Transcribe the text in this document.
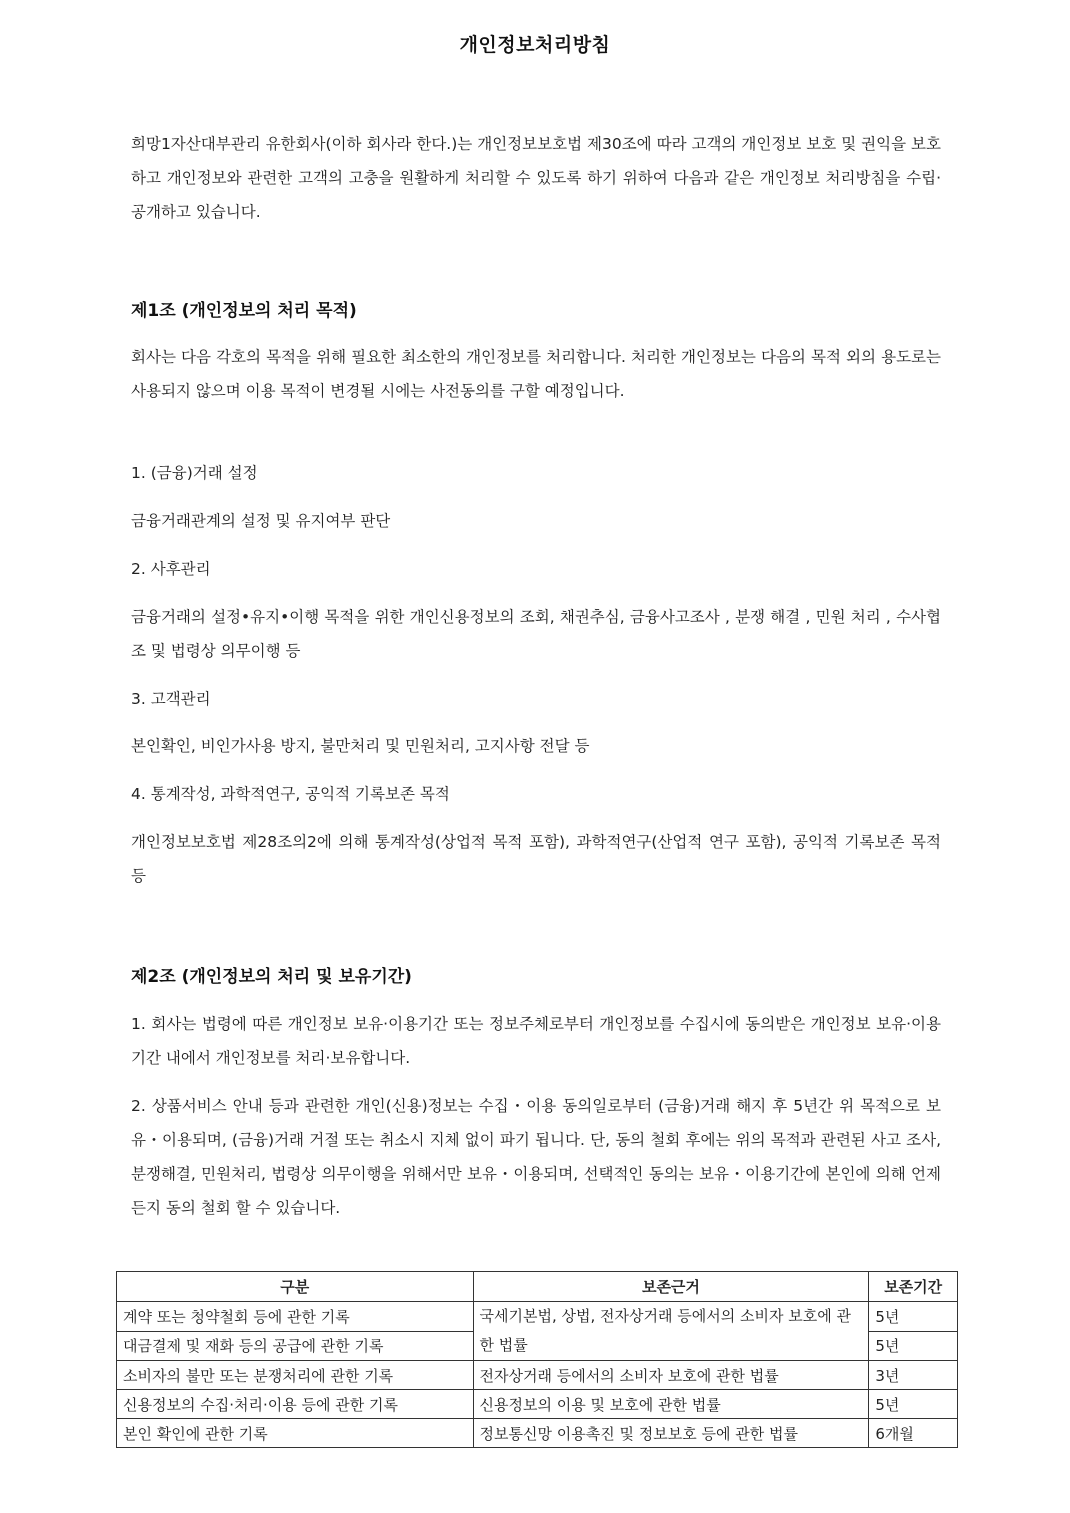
개인정보처리방침

희망1자산대부관리 유한회사(이하 회사라 한다.)는 개인정보보호법 제30조에 따라 고객의 개인정보 보호 및 권익을 보호하고 개인정보와 관련한 고객의 고충을 원활하게 처리할 수 있도록 하기 위하여 다음과 같은 개인정보 처리방침을 수립·공개하고 있습니다.

제1조 (개인정보의 처리 목적)

회사는 다음 각호의 목적을 위해 필요한 최소한의 개인정보를 처리합니다. 처리한 개인정보는 다음의 목적 외의 용도로는 사용되지 않으며 이용 목적이 변경될 시에는 사전동의를 구할 예정입니다.

1. (금융)거래 설정

금융거래관계의 설정 및 유지여부 판단

2. 사후관리

금융거래의 설정•유지•이행 목적을 위한 개인신용정보의 조회, 채권추심, 금융사고조사 , 분쟁 해결 , 민원 처리 , 수사협조 및 법령상 의무이행 등

3. 고객관리

본인확인, 비인가사용 방지, 불만처리 및 민원처리, 고지사항 전달 등

4. 통계작성, 과학적연구, 공익적 기록보존 목적

개인정보보호법 제28조의2에 의해 통계작성(상업적 목적 포함), 과학적연구(산업적 연구 포함), 공익적 기록보존 목적 등

제2조 (개인정보의 처리 및 보유기간)

1. 회사는 법령에 따른 개인정보 보유·이용기간 또는 정보주체로부터 개인정보를 수집시에 동의받은 개인정보 보유·이용기간 내에서 개인정보를 처리·보유합니다.

2. 상품서비스 안내 등과 관련한 개인(신용)정보는 수집・이용 동의일로부터 (금융)거래 해지 후 5년간 위 목적으로 보유・이용되며, (금융)거래 거절 또는 취소시 지체 없이 파기 됩니다. 단, 동의 철회 후에는 위의 목적과 관련된 사고 조사, 분쟁해결, 민원처리, 법령상 의무이행을 위해서만 보유・이용되며, 선택적인 동의는 보유・이용기간에 본인에 의해 언제든지 동의 철회 할 수 있습니다.

구분	보존근거	보존기간
계약 또는 청약철회 등에 관한 기록	국세기본법, 상법, 전자상거래 등에서의 소비자 보호에 관한 법률	5년
대금결제 및 재화 등의 공급에 관한 기록		5년
소비자의 불만 또는 분쟁처리에 관한 기록	전자상거래 등에서의 소비자 보호에 관한 법률	3년
신용정보의 수집·처리·이용 등에 관한 기록	신용정보의 이용 및 보호에 관한 법률	5년
본인 확인에 관한 기록	정보통신망 이용촉진 및 정보보호 등에 관한 법률	6개월
